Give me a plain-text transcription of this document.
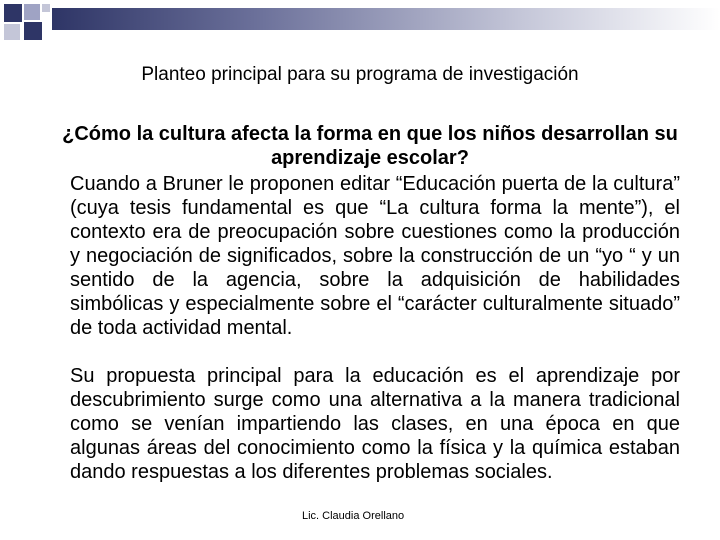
Planteo principal para su programa de investigación
¿Cómo la cultura afecta la forma en que los niños desarrollan su aprendizaje escolar?
Cuando a Bruner le proponen editar “Educación puerta de la cultura” (cuya tesis fundamental es que “La cultura forma la mente”), el contexto era de preocupación sobre cuestiones como la producción y negociación de significados, sobre la construcción de un “yo “ y un sentido de la agencia, sobre la adquisición de habilidades simbólicas y especialmente sobre el “carácter culturalmente situado” de toda actividad mental.
Su propuesta principal para la educación es el aprendizaje por descubrimiento surge como una alternativa a la manera tradicional como se venían impartiendo las clases, en una época en que algunas áreas del conocimiento como la física y la química estaban dando respuestas a los diferentes problemas sociales.
Lic. Claudia Orellano
